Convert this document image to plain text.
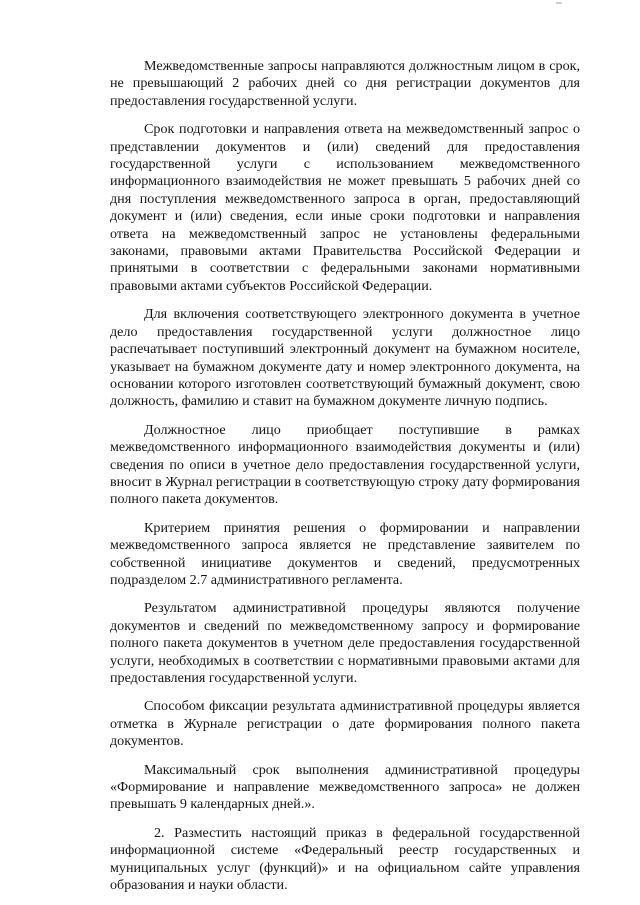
Межведомственные запросы направляются должностным лицом в срок, не превышающий 2 рабочих дней со дня регистрации документов для предоставления государственной услуги.

Срок подготовки и направления ответа на межведомственный запрос о представлении документов и (или) сведений для предоставления государственной услуги с использованием межведомственного информационного взаимодействия не может превышать 5 рабочих дней со дня поступления межведомственного запроса в орган, предоставляющий документ и (или) сведения, если иные сроки подготовки и направления ответа на межведомственный запрос не установлены федеральными законами, правовыми актами Правительства Российской Федерации и принятыми в соответствии с федеральными законами нормативными правовыми актами субъектов Российской Федерации.

Для включения соответствующего электронного документа в учетное дело предоставления государственной услуги должностное лицо распечатывает поступивший электронный документ на бумажном носителе, указывает на бумажном документе дату и номер электронного документа, на основании которого изготовлен соответствующий бумажный документ, свою должность, фамилию и ставит на бумажном документе личную подпись.

Должностное лицо приобщает поступившие в рамках межведомственного информационного взаимодействия документы и (или) сведения по описи в учетное дело предоставления государственной услуги, вносит в Журнал регистрации в соответствующую строку дату формирования полного пакета документов.

Критерием принятия решения о формировании и направлении межведомственного запроса является не представление заявителем по собственной инициативе документов и сведений, предусмотренных подразделом 2.7 административного регламента.

Результатом административной процедуры являются получение документов и сведений по межведомственному запросу и формирование полного пакета документов в учетном деле предоставления государственной услуги, необходимых в соответствии с нормативными правовыми актами для предоставления государственной услуги.

Способом фиксации результата административной процедуры является отметка в Журнале регистрации о дате формирования полного пакета документов.

Максимальный срок выполнения административной процедуры «Формирование и направление межведомственного запроса» не должен превышать 9 календарных дней.».

2. Разместить настоящий приказ в федеральной государственной информационной системе «Федеральный реестр государственных и муниципальных услуг (функций)» и на официальном сайте управления образования и науки области.
